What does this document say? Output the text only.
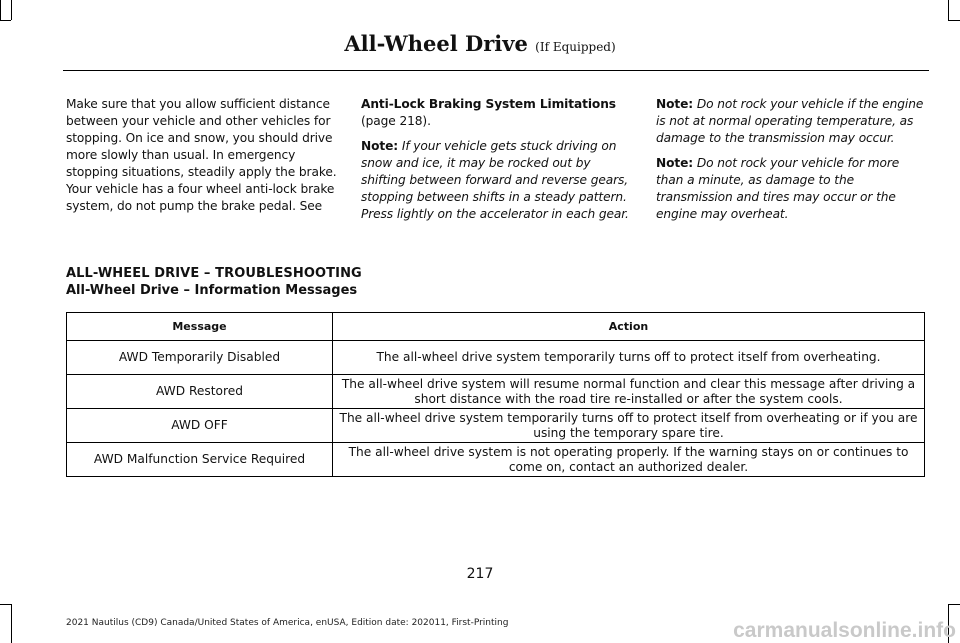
All-Wheel Drive (If Equipped)

Make sure that you allow sufficient distance between your vehicle and other vehicles for stopping. On ice and snow, you should drive more slowly than usual. In emergency stopping situations, steadily apply the brake. Your vehicle has a four wheel anti-lock brake system, do not pump the brake pedal. See

Anti-Lock Braking System Limitations (page 218).

Note: If your vehicle gets stuck driving on snow and ice, it may be rocked out by shifting between forward and reverse gears, stopping between shifts in a steady pattern. Press lightly on the accelerator in each gear.

Note: Do not rock your vehicle if the engine is not at normal operating temperature, as damage to the transmission may occur.

Note: Do not rock your vehicle for more than a minute, as damage to the transmission and tires may occur or the engine may overheat.

ALL-WHEEL DRIVE – TROUBLESHOOTING
All-Wheel Drive – Information Messages
Message	Action
AWD Temporarily Disabled	The all-wheel drive system temporarily turns off to protect itself from overheating.
AWD Restored	The all-wheel drive system will resume normal function and clear this message after driving a short distance with the road tire re-installed or after the system cools.
AWD OFF	The all-wheel drive system temporarily turns off to protect itself from overheating or if you are using the temporary spare tire.
AWD Malfunction Service Required	The all-wheel drive system is not operating properly. If the warning stays on or continues to come on, contact an authorized dealer.
217
2021 Nautilus (CD9) Canada/United States of America, enUSA, Edition date: 202011, First-Printing	carmanualsonline.info
